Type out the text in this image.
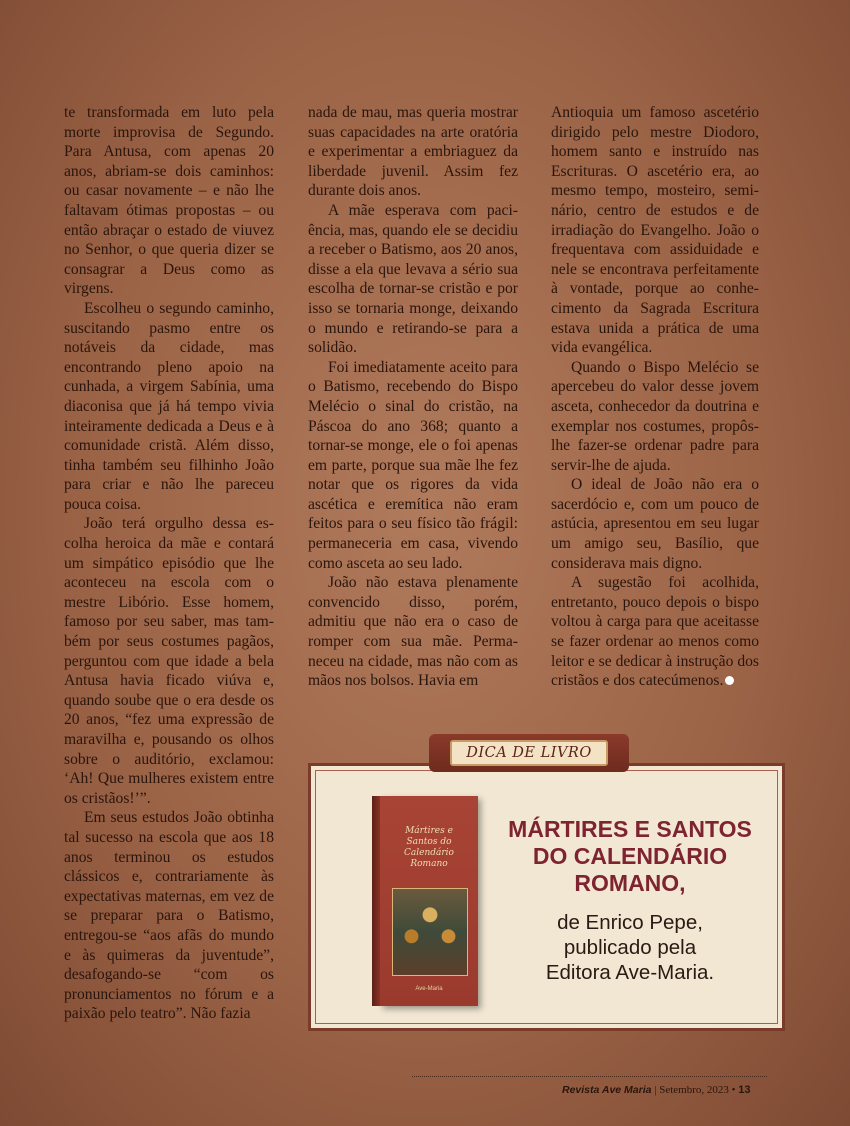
te transformada em luto pela morte improvisa de Segundo. Para Antusa, com apenas 20 anos, abriam-se dois caminhos: ou casar novamente – e não lhe faltavam ótimas propostas – ou então abraçar o estado de viuvez no Senhor, o que queria dizer se consagrar a Deus como as virgens.

Escolheu o segundo caminho, suscitando pasmo entre os notáveis da cidade, mas encontrando pleno apoio na cunhada, a virgem Sabínia, uma diaconisa que já há tempo vivia inteiramente dedicada a Deus e à comunidade cristã. Além disso, tinha também seu filhinho João para criar e não lhe pareceu pouca coisa.

João terá orgulho dessa escolha heroica da mãe e contará um simpático episódio que lhe aconteceu na escola com o mestre Libório. Esse homem, famoso por seu saber, mas também por seus costumes pagãos, perguntou com que idade a bela Antusa havia ficado viúva e, quando soube que o era desde os 20 anos, “fez uma expressão de maravilha e, pousando os olhos sobre o auditório, exclamou: ‘Ah! Que mulheres existem entre os cristãos!’”.

Em seus estudos João obtinha tal sucesso na escola que aos 18 anos terminou os estudos clássicos e, contrariamente às expectativas maternas, em vez de se preparar para o Batismo, entregou-se “aos afãs do mundo e às quimeras da juventude”, desafogando-se “com os pronunciamentos no fórum e a paixão pelo teatro”. Não fazia

nada de mau, mas queria mostrar suas capacidades na arte oratória e experimentar a embriaguez da liberdade juvenil. Assim fez durante dois anos.

A mãe esperava com paciência, mas, quando ele se decidiu a receber o Batismo, aos 20 anos, disse a ela que levava a sério sua escolha de tornar-se cristão e por isso se tornaria monge, deixando o mundo e retirando-se para a solidão.

Foi imediatamente aceito para o Batismo, recebendo do Bispo Melécio o sinal do cristão, na Páscoa do ano 368; quanto a tornar-se monge, ele o foi apenas em parte, porque sua mãe lhe fez notar que os rigores da vida ascética e eremítica não eram feitos para o seu físico tão frágil: permaneceria em casa, vivendo como asceta ao seu lado.

João não estava plenamente convencido disso, porém, admitiu que não era o caso de romper com sua mãe. Permaneceu na cidade, mas não com as mãos nos bolsos. Havia em

Antioquia um famoso ascetério dirigido pelo mestre Diodoro, homem santo e instruído nas Escrituras. O ascetério era, ao mesmo tempo, mosteiro, seminário, centro de estudos e de irradiação do Evangelho. João o frequentava com assiduidade e nele se encontrava perfeitamente à vontade, porque ao conhecimento da Sagrada Escritura estava unida a prática de uma vida evangélica.

Quando o Bispo Melécio se apercebeu do valor desse jovem asceta, conhecedor da doutrina e exemplar nos costumes, propôs-lhe fazer-se ordenar padre para servir-lhe de ajuda.

O ideal de João não era o sacerdócio e, com um pouco de astúcia, apresentou em seu lugar um amigo seu, Basílio, que considerava mais digno.

A sugestão foi acolhida, entretanto, pouco depois o bispo voltou à carga para que aceitasse se fazer ordenar ao menos como leitor e se dedicar à instrução dos cristãos e dos catecúmenos.

DICA DE LIVRO
Mártires e Santos do Calendário Romano
Ave-Maria
MÁRTIRES E SANTOS
DO CALENDÁRIO
ROMANO,
de Enrico Pepe,
publicado pela
Editora Ave-Maria.
Revista Ave Maria | Setembro, 2023 • 13
